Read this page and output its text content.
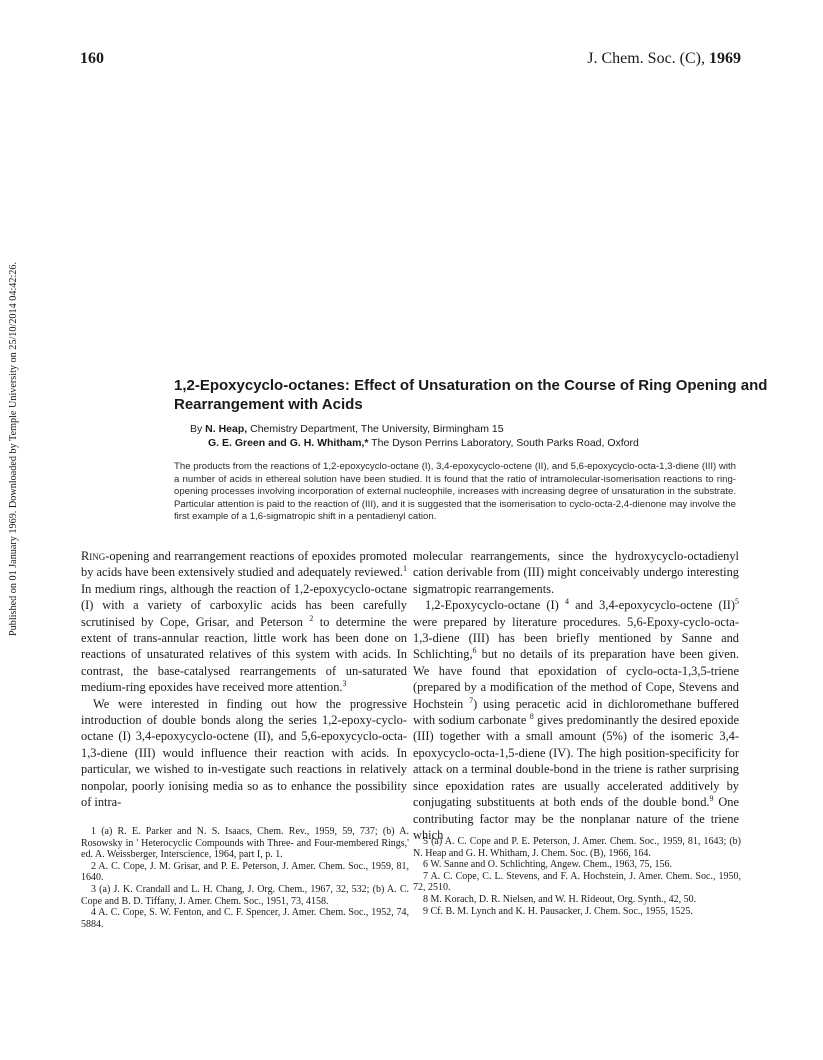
Published on 01 January 1969. Downloaded by Temple University on 25/10/2014 04:42:26.
160	J. Chem. Soc. (C), 1969
1,2-Epoxycyclo-octanes: Effect of Unsaturation on the Course of Ring Opening and Rearrangement with Acids
By N. Heap, Chemistry Department, The University, Birmingham 15
G. E. Green and G. H. Whitham,* The Dyson Perrins Laboratory, South Parks Road, Oxford
The products from the reactions of 1,2-epoxycyclo-octane (I), 3,4-epoxycyclo-octene (II), and 5,6-epoxycyclo-octa-1,3-diene (III) with a number of acids in ethereal solution have been studied. It is found that the ratio of intramolecular-isomerisation reactions to ring-opening processes involving incorporation of external nucleophile, increases with increasing degree of unsaturation in the substrate. Particular attention is paid to the reaction of (III), and it is suggested that the isomerisation to cyclo-octa-2,4-dienone may involve the first example of a 1,6-sigmatropic shift in a pentadienyl cation.

Ring-opening and rearrangement reactions of epoxides promoted by acids have been extensively studied and adequately reviewed.$^1$ In medium rings, although the reaction of 1,2-epoxycyclo-octane (I) with a variety of carboxylic acids has been carefully scrutinised by Cope, Grisar, and Peterson $^2$ to determine the extent of trans-annular reaction, little work has been done on reactions of unsaturated relatives of this system with acids. In contrast, the base-catalysed rearrangements of un-saturated medium-ring epoxides have received more attention.$^3$

We were interested in finding out how the progressive introduction of double bonds along the series 1,2-epoxy-cyclo-octane (I) 3,4-epoxycyclo-octene (II), and 5,6-epoxycyclo-octa-1,3-diene (III) would influence their reaction with acids. In particular, we wished to in-vestigate such reactions in relatively nonpolar, poorly ionising media so as to enhance the possibility of intra-

molecular rearrangements, since the hydroxycyclo-octadienyl cation derivable from (III) might conceivably undergo interesting sigmatropic rearrangements.

1,2-Epoxycyclo-octane (I) $^4$ and 3,4-epoxycyclo-octene (II)$^5$ were prepared by literature procedures. 5,6-Epoxy-cyclo-octa-1,3-diene (III) has been briefly mentioned by Sanne and Schlichting,$^6$ but no details of its preparation have been given. We have found that epoxidation of cyclo-octa-1,3,5-triene (prepared by a modification of the method of Cope, Stevens and Hochstein $^7$) using peracetic acid in dichloromethane buffered with sodium carbonate $^8$ gives predominantly the desired epoxide (III) together with a small amount (5%) of the isomeric 3,4-epoxycyclo-octa-1,5-diene (IV). The high position-specificity for attack on a terminal double-bond in the triene is rather surprising since epoxidation rates are usually accelerated additively by conjugating substituents at both ends of the double bond.$^9$ One contributing factor may be the nonplanar nature of the triene which

1 (a) R. E. Parker and N. S. Isaacs, Chem. Rev., 1959, 59, 737; (b) A. Rosowsky in ' Heterocyclic Compounds with Three- and Four-membered Rings,' ed. A. Weissberger, Interscience, 1964, part I, p. 1.

2 A. C. Cope, J. M. Grisar, and P. E. Peterson, J. Amer. Chem. Soc., 1959, 81, 1640.

3 (a) J. K. Crandall and L. H. Chang, J. Org. Chem., 1967, 32, 532; (b) A. C. Cope and B. D. Tiffany, J. Amer. Chem. Soc., 1951, 73, 4158.

4 A. C. Cope, S. W. Fenton, and C. F. Spencer, J. Amer. Chem. Soc., 1952, 74, 5884.

5 (a) A. C. Cope and P. E. Peterson, J. Amer. Chem. Soc., 1959, 81, 1643; (b) N. Heap and G. H. Whitham, J. Chem. Soc. (B), 1966, 164.

6 W. Sanne and O. Schlichting, Angew. Chem., 1963, 75, 156.

7 A. C. Cope, C. L. Stevens, and F. A. Hochstein, J. Amer. Chem. Soc., 1950, 72, 2510.

8 M. Korach, D. R. Nielsen, and W. H. Rideout, Org. Synth., 42, 50.

9 Cf. B. M. Lynch and K. H. Pausacker, J. Chem. Soc., 1955, 1525.
